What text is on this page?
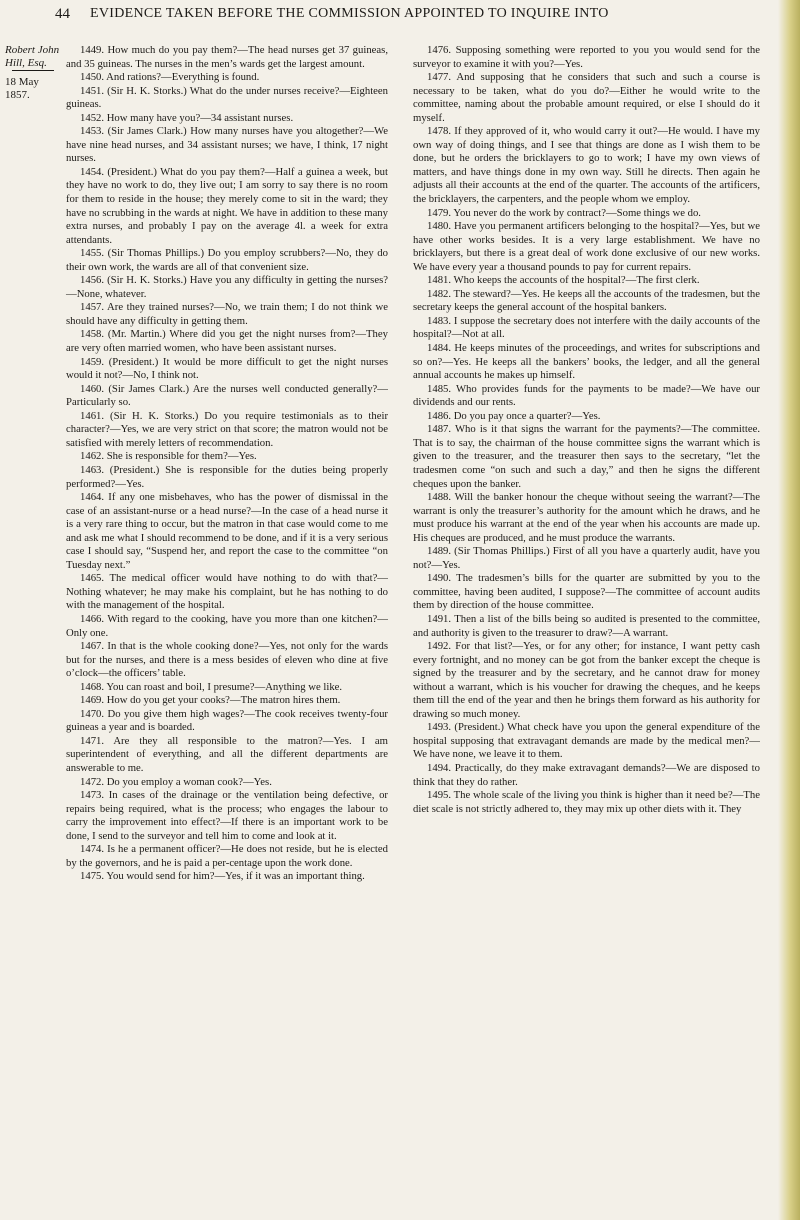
44 EVIDENCE TAKEN BEFORE THE COMMISSION APPOINTED TO INQUIRE INTO
Robert John
Hill, Esq.
18 May 1857.

1449. How much do you pay them?—The head nurses get 37 guineas, and 35 guineas. The nurses in the men’s wards get the largest amount.

1450. And rations?—Everything is found.

1451. (Sir H. K. Storks.) What do the under nurses receive?—Eighteen guineas.

1452. How many have you?—34 assistant nurses.

1453. (Sir James Clark.) How many nurses have you altogether?—We have nine head nurses, and 34 assistant nurses; we have, I think, 17 night nurses.

1454. (President.) What do you pay them?—Half a guinea a week, but they have no work to do, they live out; I am sorry to say there is no room for them to reside in the house; they merely come to sit in the ward; they have no scrubbing in the wards at night. We have in addition to these many extra nurses, and probably I pay on the average 4l. a week for extra attendants.

1455. (Sir Thomas Phillips.) Do you employ scrubbers?—No, they do their own work, the wards are all of that convenient size.

1456. (Sir H. K. Storks.) Have you any difficulty in getting the nurses?—None, whatever.

1457. Are they trained nurses?—No, we train them; I do not think we should have any difficulty in getting them.

1458. (Mr. Martin.) Where did you get the night nurses from?—They are very often married women, who have been assistant nurses.

1459. (President.) It would be more difficult to get the night nurses would it not?—No, I think not.

1460. (Sir James Clark.) Are the nurses well conducted generally?—Particularly so.

1461. (Sir H. K. Storks.) Do you require testimonials as to their character?—Yes, we are very strict on that score; the matron would not be satisfied with merely letters of recommendation.

1462. She is responsible for them?—Yes.

1463. (President.) She is responsible for the duties being properly performed?—Yes.

1464. If any one misbehaves, who has the power of dismissal in the case of an assistant-nurse or a head nurse?—In the case of a head nurse it is a very rare thing to occur, but the matron in that case would come to me and ask me what I should recommend to be done, and if it is a very serious case I should say, “Suspend her, and report the case to the committee “on Tuesday next.”

1465. The medical officer would have nothing to do with that?—Nothing whatever; he may make his complaint, but he has nothing to do with the management of the hospital.

1466. With regard to the cooking, have you more than one kitchen?—Only one.

1467. In that is the whole cooking done?—Yes, not only for the wards but for the nurses, and there is a mess besides of eleven who dine at five o’clock—the officers’ table.

1468. You can roast and boil, I presume?—Anything we like.

1469. How do you get your cooks?—The matron hires them.

1470. Do you give them high wages?—The cook receives twenty-four guineas a year and is boarded.

1471. Are they all responsible to the matron?—Yes. I am superintendent of everything, and all the different departments are answerable to me.

1472. Do you employ a woman cook?—Yes.

1473. In cases of the drainage or the ventilation being defective, or repairs being required, what is the process; who engages the labour to carry the improvement into effect?—If there is an important work to be done, I send to the surveyor and tell him to come and look at it.

1474. Is he a permanent officer?—He does not reside, but he is elected by the governors, and he is paid a per-centage upon the work done.

1475. You would send for him?—Yes, if it was an important thing.

1476. Supposing something were reported to you you would send for the surveyor to examine it with you?—Yes.

1477. And supposing that he considers that such and such a course is necessary to be taken, what do you do?—Either he would write to the committee, naming about the probable amount required, or else I should do it myself.

1478. If they approved of it, who would carry it out?—He would. I have my own way of doing things, and I see that things are done as I wish them to be done, but he orders the bricklayers to go to work; I have my own views of matters, and have things done in my own way. Still he directs. Then again he adjusts all their accounts at the end of the quarter. The accounts of the artificers, the bricklayers, the carpenters, and the people whom we employ.

1479. You never do the work by contract?—Some things we do.

1480. Have you permanent artificers belonging to the hospital?—Yes, but we have other works besides. It is a very large establishment. We have no bricklayers, but there is a great deal of work done exclusive of our new works. We have every year a thousand pounds to pay for current repairs.

1481. Who keeps the accounts of the hospital?—The first clerk.

1482. The steward?—Yes. He keeps all the accounts of the tradesmen, but the secretary keeps the general account of the hospital bankers.

1483. I suppose the secretary does not interfere with the daily accounts of the hospital?—Not at all.

1484. He keeps minutes of the proceedings, and writes for subscriptions and so on?—Yes. He keeps all the bankers’ books, the ledger, and all the general annual accounts he makes up himself.

1485. Who provides funds for the payments to be made?—We have our dividends and our rents.

1486. Do you pay once a quarter?—Yes.

1487. Who is it that signs the warrant for the payments?—The committee. That is to say, the chairman of the house committee signs the warrant which is given to the treasurer, and the treasurer then says to the secretary, “let the tradesmen come “on such and such a day,” and then he signs the different cheques upon the banker.

1488. Will the banker honour the cheque without seeing the warrant?—The warrant is only the treasurer’s authority for the amount which he draws, and he must produce his warrant at the end of the year when his accounts are made up. His cheques are produced, and he must produce the warrants.

1489. (Sir Thomas Phillips.) First of all you have a quarterly audit, have you not?—Yes.

1490. The tradesmen’s bills for the quarter are submitted by you to the committee, having been audited, I suppose?—The committee of account audits them by direction of the house committee.

1491. Then a list of the bills being so audited is presented to the committee, and authority is given to the treasurer to draw?—A warrant.

1492. For that list?—Yes, or for any other; for instance, I want petty cash every fortnight, and no money can be got from the banker except the cheque is signed by the treasurer and by the secretary, and he cannot draw for money without a warrant, which is his voucher for drawing the cheques, and he keeps them till the end of the year and then he brings them forward as his authority for drawing so much money.

1493. (President.) What check have you upon the general expenditure of the hospital supposing that extravagant demands are made by the medical men?—We have none, we leave it to them.

1494. Practically, do they make extravagant demands?—We are disposed to think that they do rather.

1495. The whole scale of the living you think is higher than it need be?—The diet scale is not strictly adhered to, they may mix up other diets with it. They
